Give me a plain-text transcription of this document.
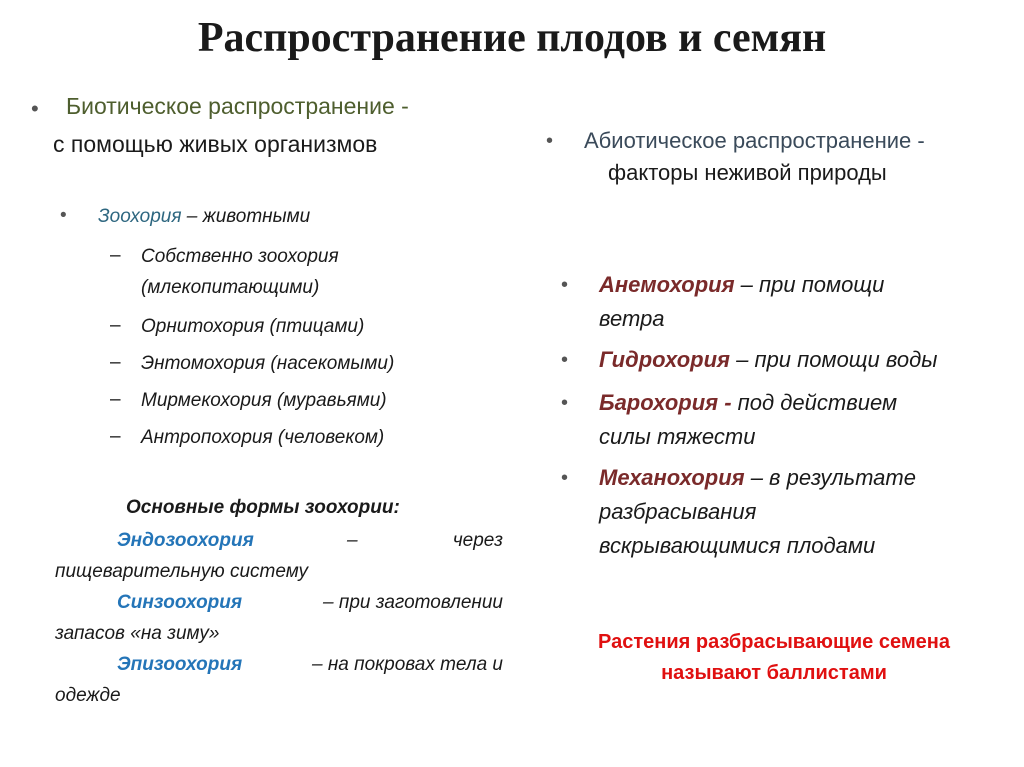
Распространение плодов и семян
• Биотическое распространение -
с помощью живых организмов
• Зоохория – животными
– Собственно зоохория
(млекопитающими)
– Орнитохория (птицами)
– Энтомохория (насекомыми)
– Мирмекохория (муравьями)
– Антропохория (человеком)
Основные формы зоохории:
Эндозоохория	–	через
пищеварительную систему
Синзоохория	– при заготовлении
запасов «на зиму»
Эпизоохория	– на покровах тела и
одежде
• Абиотическое распространение -
факторы неживой природы
• Анемохория – при помощи
ветра
• Гидрохория – при помощи воды
• Барохория - под действием
силы тяжести
• Механохория – в результате
разбрасывания
вскрывающимися плодами
Растения разбрасывающие семена
называют баллистами
